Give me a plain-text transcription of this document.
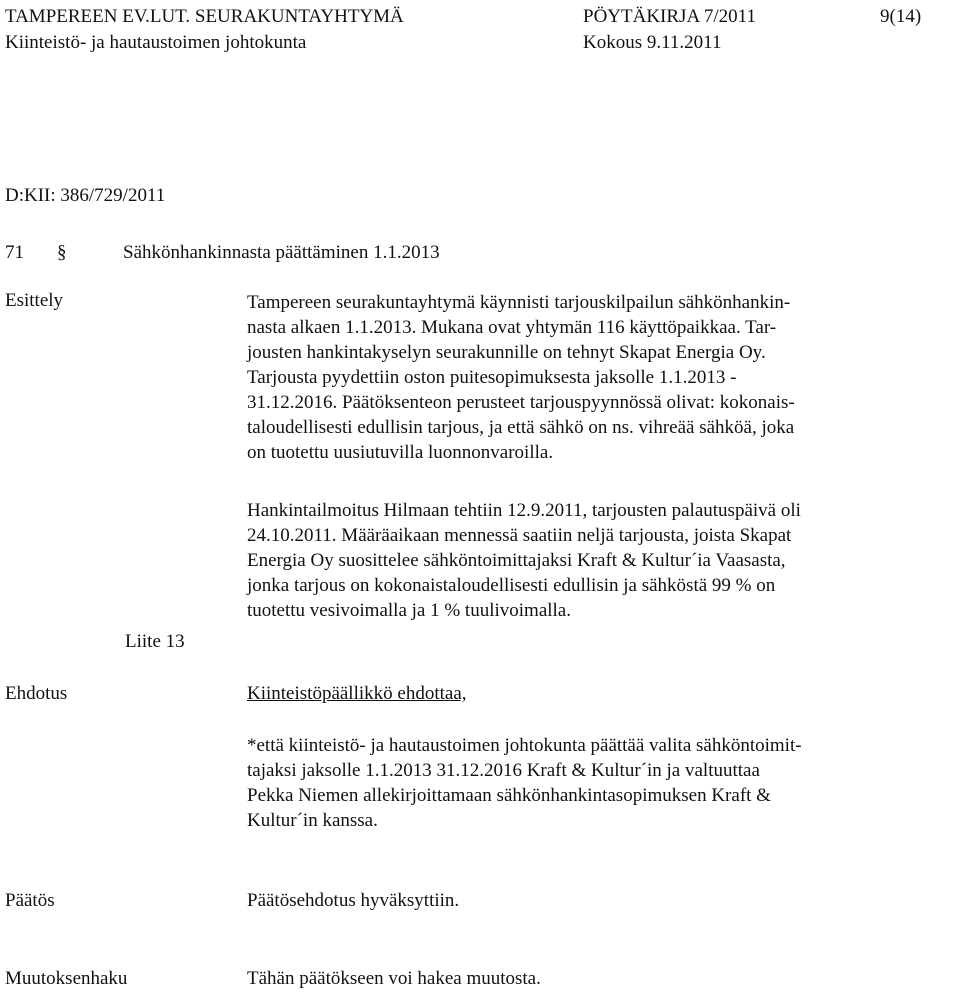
TAMPEREEN EV.LUT. SEURAKUNTAYHTYMÄ	PÖYTÄKIRJA 7/2011	9(14)
Kiinteistö- ja hautaustoimen johtokunta	Kokous 9.11.2011
D:KII: 386/729/2011
71 §	Sähkönhankinnasta päättäminen 1.1.2013
Esittely	Tampereen seurakuntayhtymä käynnisti tarjouskilpailun sähkönhankin-
nasta alkaen 1.1.2013. Mukana ovat yhtymän 116 käyttöpaikkaa. Tar-
jousten hankintakyselyn seurakunnille on tehnyt Skapat Energia Oy.
Tarjousta pyydettiin oston puitesopimuksesta jaksolle 1.1.2013 -
31.12.2016. Päätöksenteon perusteet tarjouspyynnössä olivat: kokonais-
taloudellisesti edullisin tarjous, ja että sähkö on ns. vihreää sähköä, joka
on tuotettu uusiutuvilla luonnonvaroilla.
Hankintailmoitus Hilmaan tehtiin 12.9.2011, tarjousten palautuspäivä oli
24.10.2011. Määräaikaan mennessä saatiin neljä tarjousta, joista Skapat
Energia Oy suosittelee sähköntoimittajaksi Kraft & Kultur´ia Vaasasta,
jonka tarjous on kokonaistaloudellisesti edullisin ja sähköstä 99 % on
tuotettu vesivoimalla ja 1 % tuulivoimalla.
Liite 13
Ehdotus	Kiinteistöpäällikkö ehdottaa,
*että kiinteistö- ja hautaustoimen johtokunta päättää valita sähköntoimit-
tajaksi jaksolle 1.1.2013 31.12.2016 Kraft & Kultur´in ja valtuuttaa
Pekka Niemen allekirjoittamaan sähkönhankintasopimuksen Kraft &
Kultur´in kanssa.
Päätös	Päätösehdotus hyväksyttiin.
Muutoksenhaku	Tähän päätökseen voi hakea muutosta.
